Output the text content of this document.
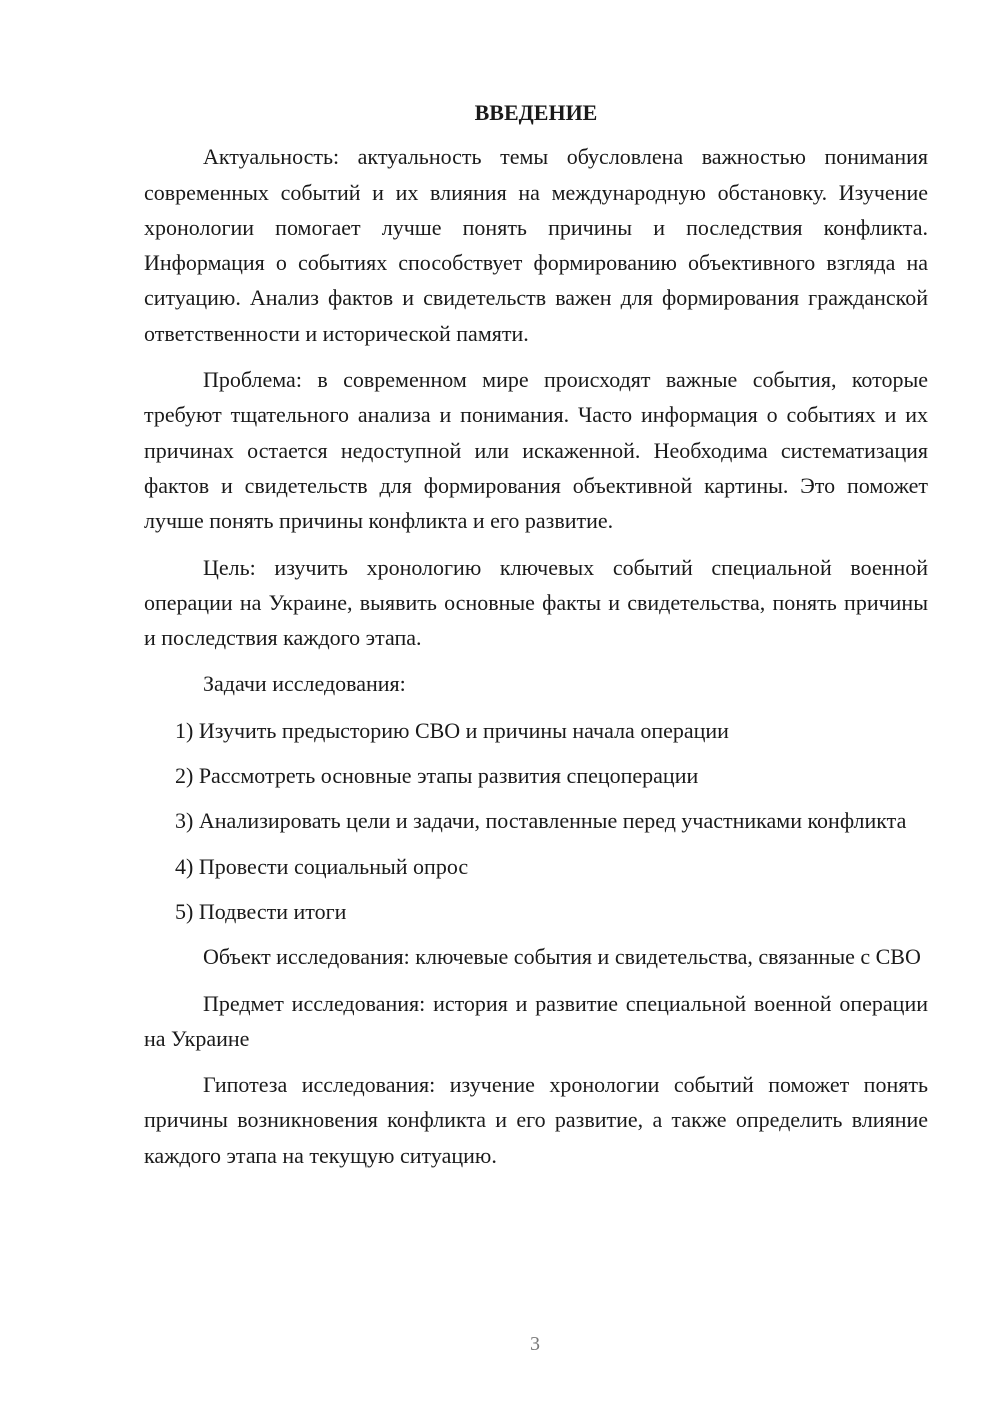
ВВЕДЕНИЕ

Актуальность: актуальность темы обусловлена важностью понимания современных событий и их влияния на международную обстановку. Изучение хронологии помогает лучше понять причины и последствия конфликта. Информация о событиях способствует формированию объективного взгляда на ситуацию. Анализ фактов и свидетельств важен для формирования гражданской ответственности и исторической памяти.

Проблема: в современном мире происходят важные события, которые требуют тщательного анализа и понимания. Часто информация о событиях и их причинах остается недоступной или искаженной. Необходима систематизация фактов и свидетельств для формирования объективной картины. Это поможет лучше понять причины конфликта и его развитие.

Цель: изучить хронологию ключевых событий специальной военной операции на Украине, выявить основные факты и свидетельства, понять причины и последствия каждого этапа.

Задачи исследования:

1) Изучить предысторию СВО и причины начала операции

2) Рассмотреть основные этапы развития спецоперации

3) Анализировать цели и задачи, поставленные перед участниками конфликта

4) Провести социальный опрос

5) Подвести итоги

Объект исследования: ключевые события и свидетельства, связанные с СВО

Предмет исследования: история и развитие специальной военной операции на Украине

Гипотеза исследования: изучение хронологии событий поможет понять причины возникновения конфликта и его развитие, а также определить влияние каждого этапа на текущую ситуацию.

3
